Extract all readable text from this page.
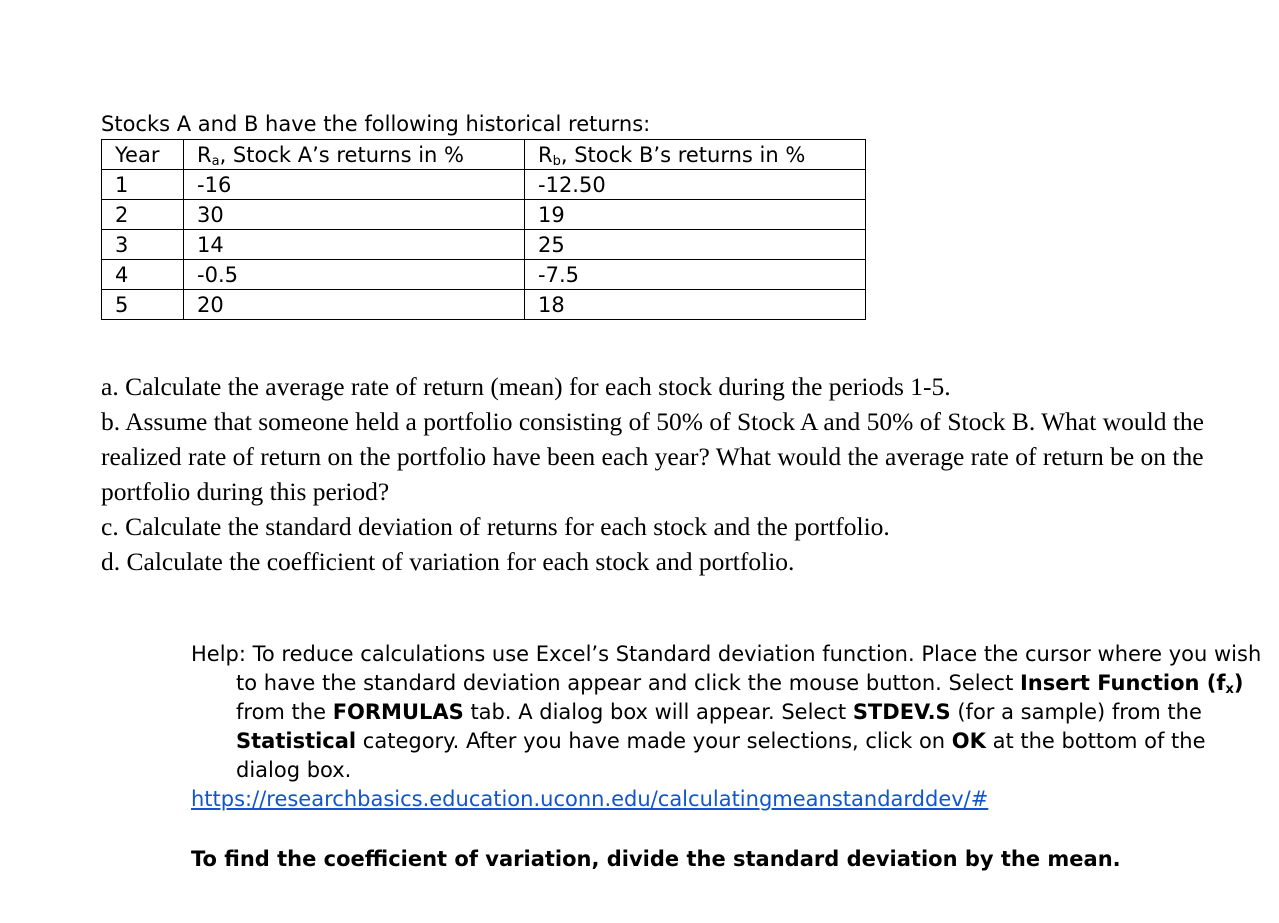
Stocks A and B have the following historical returns:
Year	$R_a$, Stock A’s returns in %	$R_b$, Stock B’s returns in %
1	-16	-12.50
2	30	19
3	14	25
4	-0.5	-7.5
5	20	18

a. Calculate the average rate of return (mean) for each stock during the periods 1-5.

b. Assume that someone held a portfolio consisting of 50% of Stock A and 50% of Stock B. What would the realized rate of return on the portfolio have been each year? What would the average rate of return be on the portfolio during this period?

c. Calculate the standard deviation of returns for each stock and the portfolio.

d. Calculate the coefficient of variation for each stock and portfolio.

Help: To reduce calculations use Excel’s Standard deviation function. Place the cursor where you wish to have the standard deviation appear and click the mouse button. Select Insert Function $(f_x)$ from the FORMULAS tab. A dialog box will appear. Select STDEV.S (for a sample) from the Statistical category. After you have made your selections, click on OK at the bottom of the dialog box.

https://researchbasics.education.uconn.edu/calculatingmeanstandarddev/#

To find the coefficient of variation, divide the standard deviation by the mean.
